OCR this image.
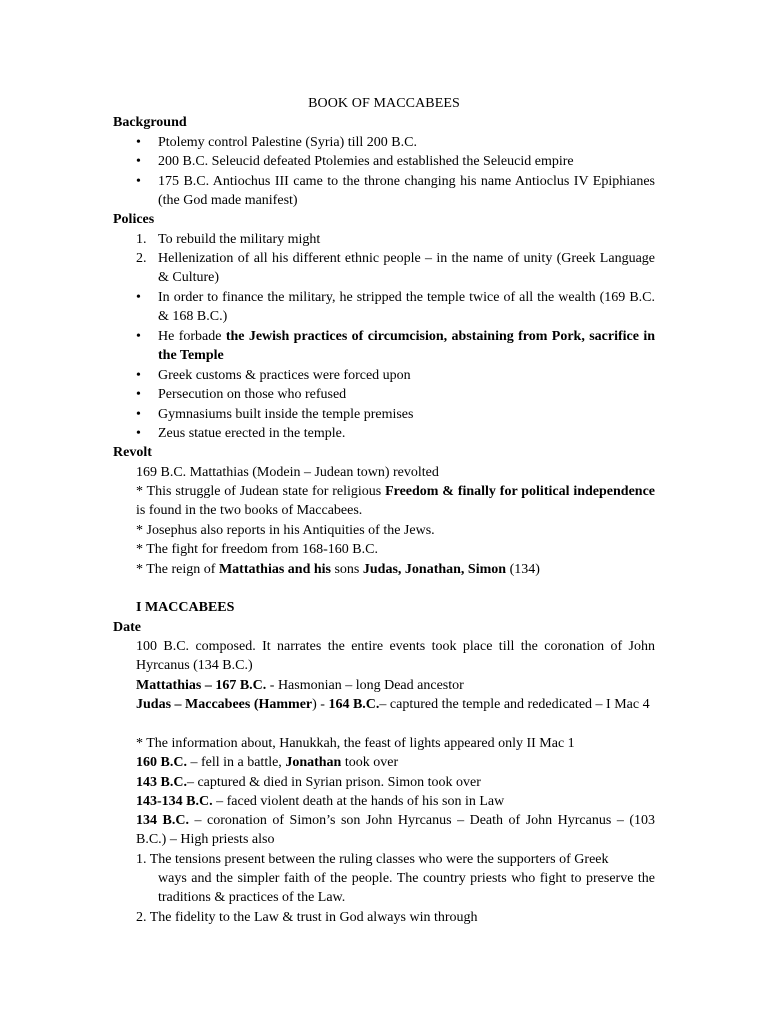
BOOK OF MACCABEES
Background
•	Ptolemy control Palestine (Syria) till 200 B.C.
•	200 B.C. Seleucid defeated Ptolemies and established the Seleucid empire
•	175 B.C. Antiochus III came to the throne changing his name Antioclus IV Epiphianes (the God made manifest)
Polices
1. To rebuild the military might
2. Hellenization of all his different ethnic people – in the name of unity (Greek Language & Culture)
•	In order to finance the military, he stripped the temple twice of all the wealth (169 B.C. & 168 B.C.)
•	He forbade the Jewish practices of circumcision, abstaining from Pork, sacrifice in the Temple
•	Greek customs & practices were forced upon
•	Persecution on those who refused
•	Gymnasiums built inside the temple premises
•	Zeus statue erected in the temple.
Revolt
169 B.C. Mattathias (Modein – Judean town) revolted
* This struggle of Judean state for religious Freedom & finally for political independence is found in the two books of Maccabees.
* Josephus also reports in his Antiquities of the Jews.
* The fight for freedom from 168-160 B.C.
* The reign of Mattathias and his sons Judas, Jonathan, Simon (134)
I MACCABEES
Date
100 B.C. composed. It narrates the entire events took place till the coronation of John Hyrcanus (134 B.C.)
Mattathias – 167 B.C. - Hasmonian – long Dead ancestor
Judas – Maccabees (Hammer) - 164 B.C.– captured the temple and rededicated – I Mac 4
* The information about, Hanukkah, the feast of lights appeared only II Mac 1
160 B.C. – fell in a battle, Jonathan took over
143 B.C.– captured & died in Syrian prison. Simon took over
143-134 B.C. – faced violent death at the hands of his son in Law
134 B.C. – coronation of Simon’s son John Hyrcanus – Death of John Hyrcanus – (103 B.C.) – High priests also
1. The tensions present between the ruling classes who were the supporters of Greek
ways and the simpler faith of the people. The country priests who fight to preserve the traditions & practices of the Law.
2. The fidelity to the Law & trust in God always win through
